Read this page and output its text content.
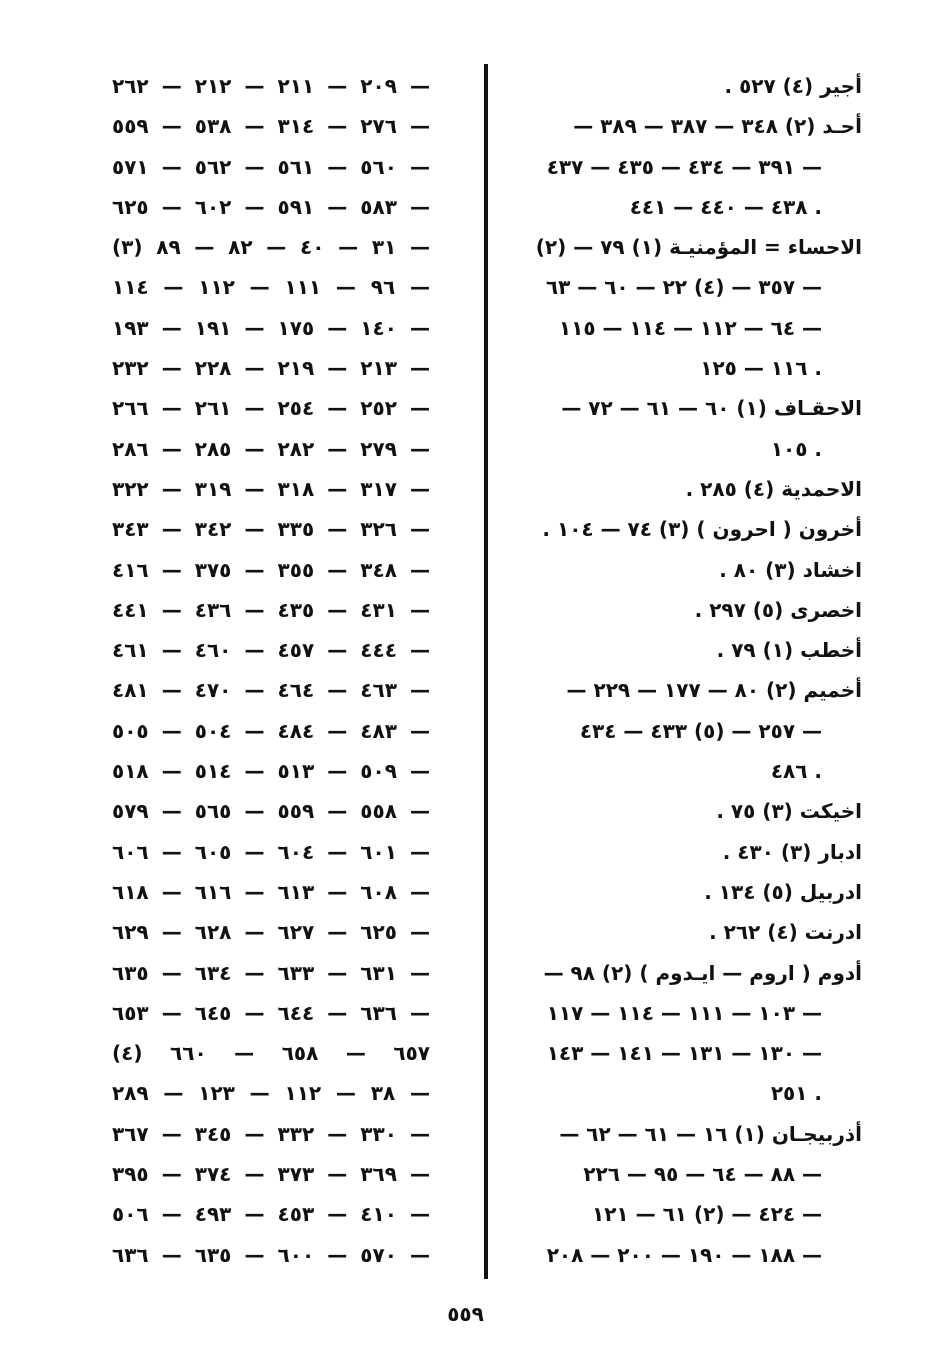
أجير (٤) ٥٢٧ .
أحـد (٢) ٣٤٨ — ٣٨٧ — ٣٨٩ —
٣٩١ — ٤٣٤ — ٤٣٥ — ٤٣٧ —
٤٣٨ — ٤٤٠ — ٤٤١ .
الاحساء = المؤمنيـة (١) ٧٩ — (٢)
٣٥٧ — (٤) ٢٢ — ٦٠ — ٦٣ —
٦٤ — ١١٢ — ١١٤ — ١١٥ —
١١٦ — ١٢٥ .
الاحقـاف (١) ٦٠ — ٦١ — ٧٢ —
١٠٥ .
الاحمدية (٤) ٢٨٥ .
أخرون ( احرون ) (٣) ٧٤ — ١٠٤ .
اخشاد (٣) ٨٠ .
اخصرى (٥) ٢٩٧ .
أخطب (١) ٧٩ .
أخميم (٢) ٨٠ — ١٧٧ — ٢٢٩ —
٢٥٧ — (٥) ٤٣٣ — ٤٣٤ —
٤٨٦ .
اخيكت (٣) ٧٥ .
ادبار (٣) ٤٣٠ .
ادربيل (٥) ١٣٤ .
ادرنت (٤) ٢٦٢ .
أدوم ( اروم — ايـدوم ) (٢) ٩٨ —
١٠٣ — ١١١ — ١١٤ — ١١٧ —
١٣٠ — ١٣١ — ١٤١ — ١٤٣ —
٢٥١ .
أذربيجـان (١) ١٦ — ٦١ — ٦٢ —
٨٨ — ٦٤ — ٩٥ — ٢٢٦ —
٤٢٤ — (٢) ٦١ — ١٢١ —
١٨٨ — ١٩٠ — ٢٠٠ — ٢٠٨ —
٢٠٩ — ٢١١ — ٢١٢ — ٢٦٢ —
٢٧٦ — ٣١٤ — ٥٣٨ — ٥٥٩ —
٥٦٠ — ٥٦١ — ٥٦٢ — ٥٧١ —
٥٨٣ — ٥٩١ — ٦٠٢ — ٦٢٥ —
(٣) ٣١ — ٤٠ — ٨٢ — ٨٩ —
٩٦ — ١١١ — ١١٢ — ١١٤ —
١٤٠ — ١٧٥ — ١٩١ — ١٩٣ —
٢١٣ — ٢١٩ — ٢٢٨ — ٢٣٢ —
٢٥٢ — ٢٥٤ — ٢٦١ — ٢٦٦ —
٢٧٩ — ٢٨٢ — ٢٨٥ — ٢٨٦ —
٣١٧ — ٣١٨ — ٣١٩ — ٣٢٢ —
٣٢٦ — ٣٣٥ — ٣٤٢ — ٣٤٣ —
٣٤٨ — ٣٥٥ — ٣٧٥ — ٤١٦ —
٤٣١ — ٤٣٥ — ٤٣٦ — ٤٤١ —
٤٤٤ — ٤٥٧ — ٤٦٠ — ٤٦١ —
٤٦٣ — ٤٦٤ — ٤٧٠ — ٤٨١ —
٤٨٣ — ٤٨٤ — ٥٠٤ — ٥٠٥ —
٥٠٩ — ٥١٣ — ٥١٤ — ٥١٨ —
٥٥٨ — ٥٥٩ — ٥٦٥ — ٥٧٩ —
٦٠١ — ٦٠٤ — ٦٠٥ — ٦٠٦ —
٦٠٨ — ٦١٣ — ٦١٦ — ٦١٨ —
٦٢٥ — ٦٢٧ — ٦٢٨ — ٦٢٩ —
٦٣١ — ٦٣٣ — ٦٣٤ — ٦٣٥ —
٦٣٦ — ٦٤٤ — ٦٤٥ — ٦٥٣ —
٦٥٧ — ٦٥٨ — ٦٦٠ (٤)
٣٨ — ١١٢ — ١٢٣ — ٢٨٩ —
٣٣٠ — ٣٣٢ — ٣٤٥ — ٣٦٧ —
٣٦٩ — ٣٧٣ — ٣٧٤ — ٣٩٥ —
٤١٠ — ٤٥٣ — ٤٩٣ — ٥٠٦ —
٥٧٠ — ٦٠٠ — ٦٣٥ — ٦٣٦ —
٥٥٩
